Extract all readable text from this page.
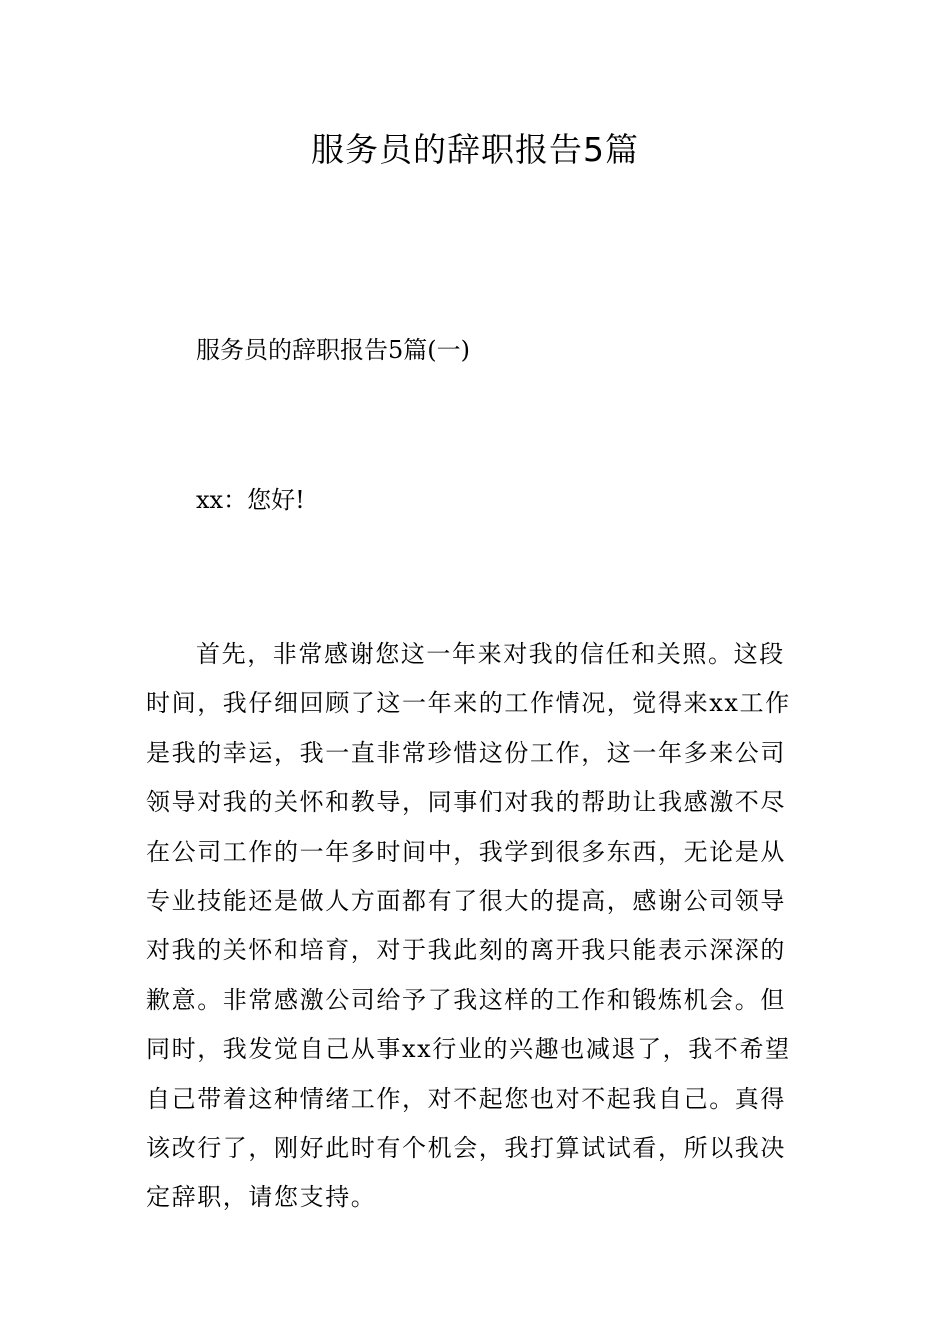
服务员的辞职报告5篇

服务员的辞职报告5篇(一)

xx：您好!

首先，非常感谢您这一年来对我的信任和关照。这段
时间，我仔细回顾了这一年来的工作情况，觉得来xx工作
是我的幸运，我一直非常珍惜这份工作，这一年多来公司
领导对我的关怀和教导，同事们对我的帮助让我感激不尽
在公司工作的一年多时间中，我学到很多东西，无论是从
专业技能还是做人方面都有了很大的提高，感谢公司领导
对我的关怀和培育，对于我此刻的离开我只能表示深深的
歉意。非常感激公司给予了我这样的工作和锻炼机会。但
同时，我发觉自己从事xx行业的兴趣也减退了，我不希望
自己带着这种情绪工作，对不起您也对不起我自己。真得
该改行了，刚好此时有个机会，我打算试试看，所以我决
定辞职，请您支持。
